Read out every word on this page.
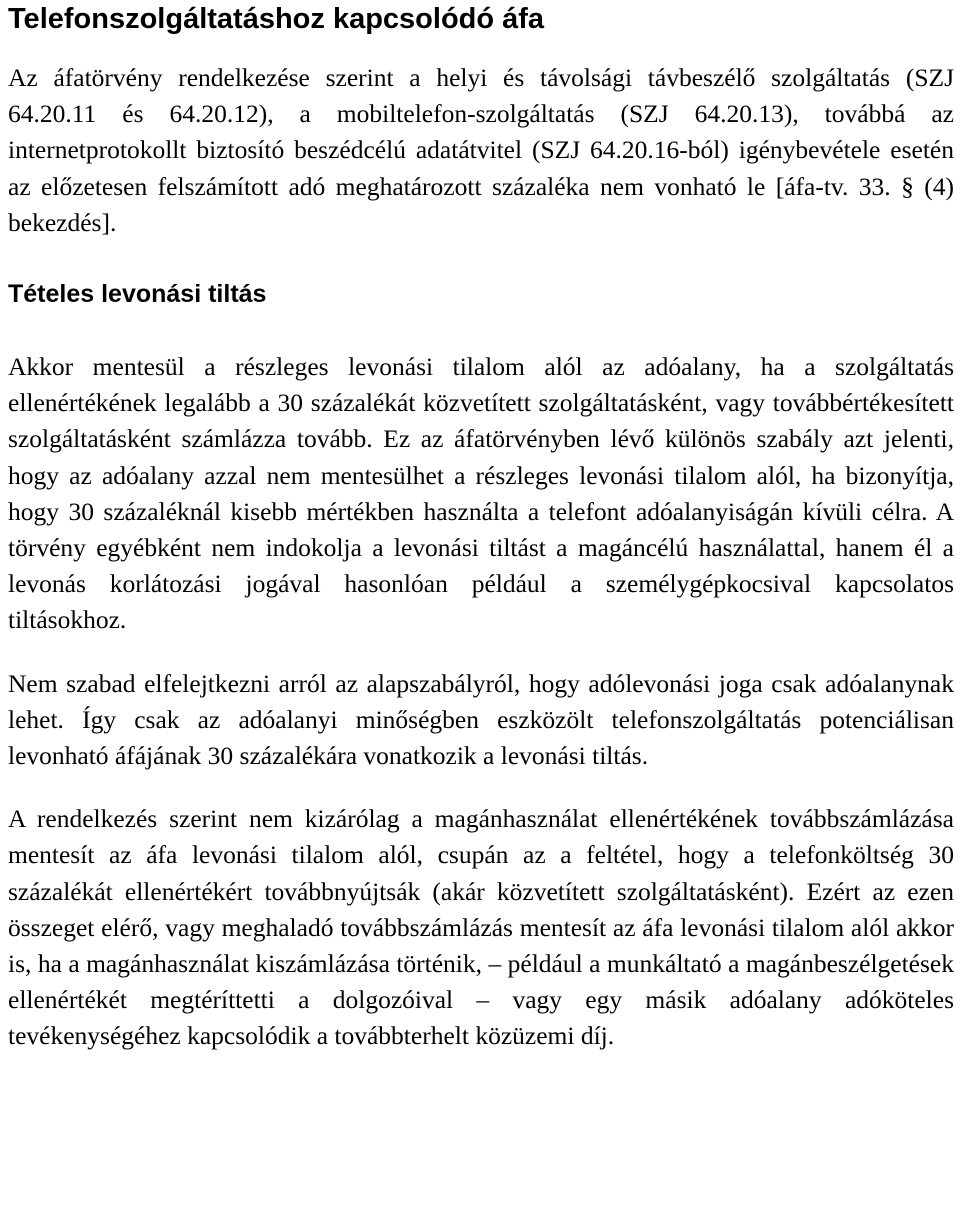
Telefonszolgáltatáshoz kapcsolódó áfa

Az áfatörvény rendelkezése szerint a helyi és távolsági távbeszélő szolgáltatás (SZJ 64.20.11 és 64.20.12), a mobiltelefon-szolgáltatás (SZJ 64.20.13), továbbá az internetprotokollt biztosító beszédcélú adatátvitel (SZJ 64.20.16-ból) igénybevétele esetén az előzetesen felszámított adó meghatározott százaléka nem vonható le [áfa-tv. 33. § (4) bekezdés].

Tételes levonási tiltás

Akkor mentesül a részleges levonási tilalom alól az adóalany, ha a szolgáltatás ellenértékének legalább a 30 százalékát közvetített szolgáltatásként, vagy továbbértékesített szolgáltatásként számlázza tovább. Ez az áfatörvényben lévő különös szabály azt jelenti, hogy az adóalany azzal nem mentesülhet a részleges levonási tilalom alól, ha bizonyítja, hogy 30 százaléknál kisebb mértékben használta a telefont adóalanyiságán kívüli célra. A törvény egyébként nem indokolja a levonási tiltást a magáncélú használattal, hanem él a levonás korlátozási jogával hasonlóan például a személygépkocsival kapcsolatos tiltásokhoz.

Nem szabad elfelejtkezni arról az alapszabályról, hogy adólevonási joga csak adóalanynak lehet. Így csak az adóalanyi minőségben eszközölt telefonszolgáltatás potenciálisan levonható áfájának 30 százalékára vonatkozik a levonási tiltás.

A rendelkezés szerint nem kizárólag a magánhasználat ellenértékének továbbszámlázása mentesít az áfa levonási tilalom alól, csupán az a feltétel, hogy a telefonköltség 30 százalékát ellenértékért továbbnyújtsák (akár közvetített szolgáltatásként). Ezért az ezen összeget elérő, vagy meghaladó továbbszámlázás mentesít az áfa levonási tilalom alól akkor is, ha a magánhasználat kiszámlázása történik, – például a munkáltató a magánbeszélgetések ellenértékét megtéríttetti a dolgozóival – vagy egy másik adóalany adóköteles tevékenységéhez kapcsolódik a továbbterhelt közüzemi díj.
